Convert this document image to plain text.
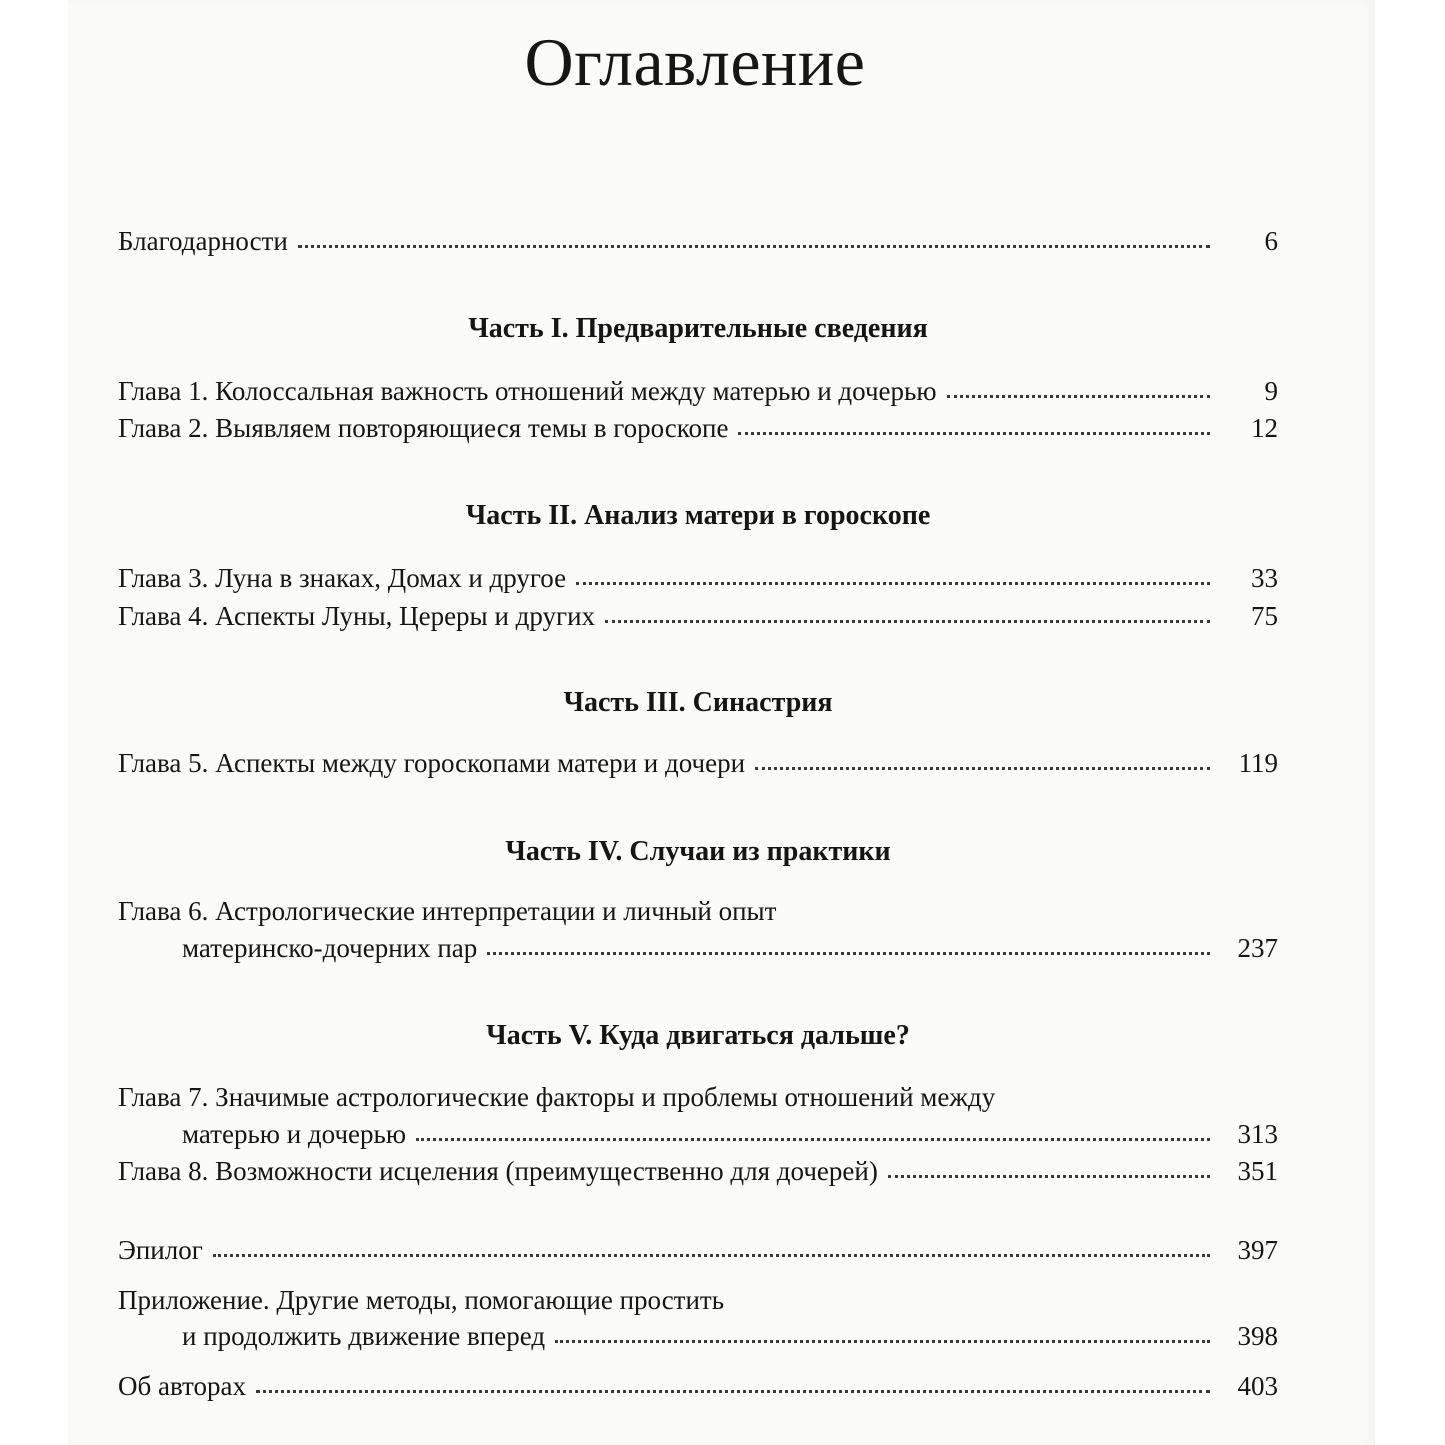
Оглавление
Благодарности	6
Часть I. Предварительные сведения
Глава 1. Колоссальная важность отношений между матерью и дочерью	9
Глава 2. Выявляем повторяющиеся темы в гороскопе	12
Часть II. Анализ матери в гороскопе
Глава 3. Луна в знаках, Домах и другое	33
Глава 4. Аспекты Луны, Цереры и других	75
Часть III. Синастрия
Глава 5. Аспекты между гороскопами матери и дочери	119
Часть IV. Случаи из практики
Глава 6. Астрологические интерпретации и личный опыт
материнско-дочерних пар	237
Часть V. Куда двигаться дальше?
Глава 7. Значимые астрологические факторы и проблемы отношений между
матерью и дочерью	313
Глава 8. Возможности исцеления (преимущественно для дочерей)	351
Эпилог	397
Приложение. Другие методы, помогающие простить
и продолжить движение вперед	398
Об авторах	403
